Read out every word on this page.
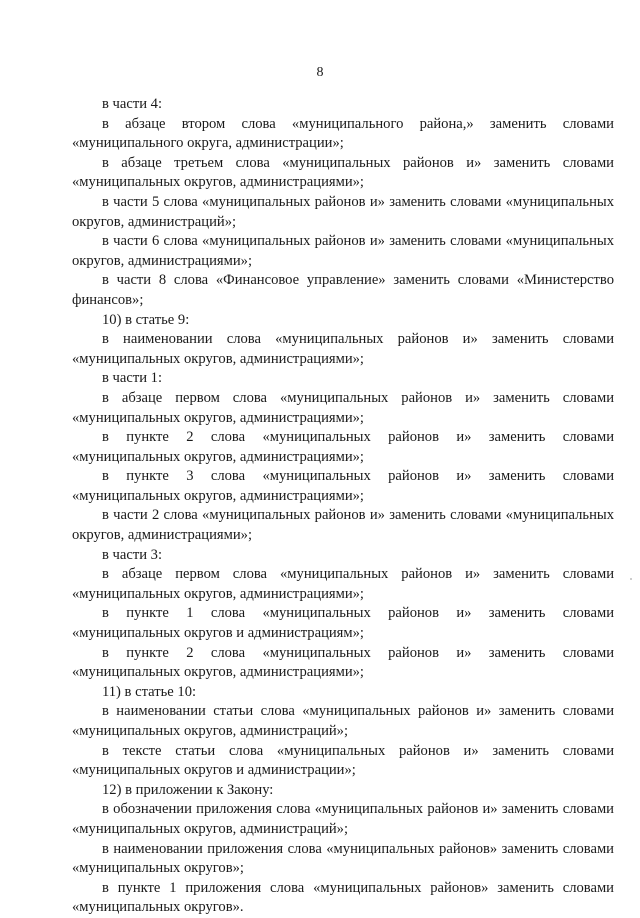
8

в части 4:

в абзаце втором слова «муниципального района,» заменить словами «муниципального округа, администрации»;

в абзаце третьем слова «муниципальных районов и» заменить словами «муниципальных округов, администрациями»;

в части 5 слова «муниципальных районов и» заменить словами «муниципальных округов, администраций»;

в части 6 слова «муниципальных районов и» заменить словами «муниципальных округов, администрациями»;

в части 8 слова «Финансовое управление» заменить словами «Министерство финансов»;

10) в статье 9:

в наименовании слова «муниципальных районов и» заменить словами «муниципальных округов, администрациями»;

в части 1:

в абзаце первом слова «муниципальных районов и» заменить словами «муниципальных округов, администрациями»;

в пункте 2 слова «муниципальных районов и» заменить словами «муниципальных округов, администрациями»;

в пункте 3 слова «муниципальных районов и» заменить словами «муниципальных округов, администрациями»;

в части 2 слова «муниципальных районов и» заменить словами «муниципальных округов, администрациями»;

в части 3:

в абзаце первом слова «муниципальных районов и» заменить словами «муниципальных округов, администрациями»;

в пункте 1 слова «муниципальных районов и» заменить словами «муниципальных округов и администрациям»;

в пункте 2 слова «муниципальных районов и» заменить словами «муниципальных округов, администрациями»;

11) в статье 10:

в наименовании статьи слова «муниципальных районов и» заменить словами «муниципальных округов, администраций»;

в тексте статьи слова «муниципальных районов и» заменить словами «муниципальных округов и администрации»;

12) в приложении к Закону:

в обозначении приложения слова «муниципальных районов и» заменить словами «муниципальных округов, администраций»;

в наименовании приложения слова «муниципальных районов» заменить словами «муниципальных округов»;

в пункте 1 приложения слова «муниципальных районов» заменить словами «муниципальных округов».
